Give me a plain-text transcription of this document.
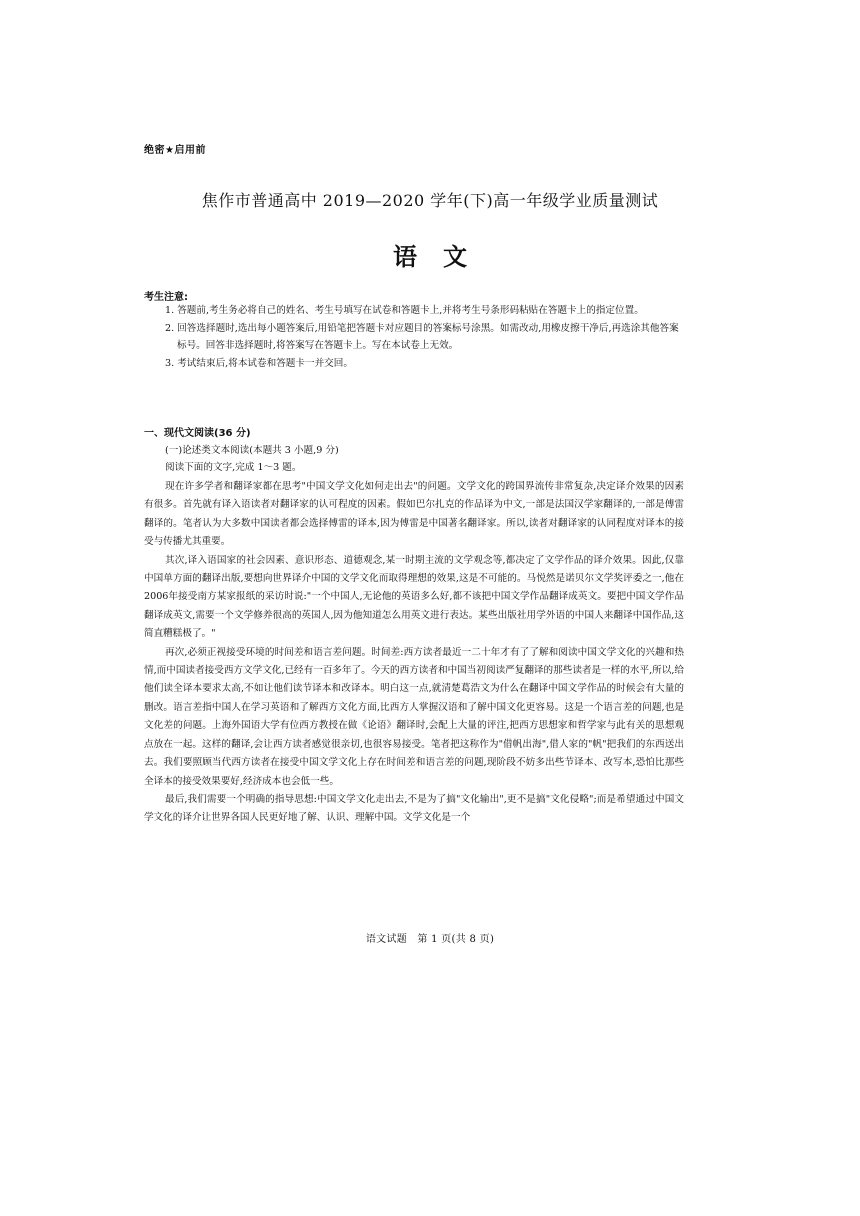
绝密★启用前
焦作市普通高中 2019—2020 学年(下)高一年级学业质量测试
语文
考生注意:
1. 答题前,考生务必将自己的姓名、考生号填写在试卷和答题卡上,并将考生号条形码粘贴在答题卡上的指定位置。
2. 回答选择题时,选出每小题答案后,用铅笔把答题卡对应题目的答案标号涂黑。如需改动,用橡皮擦干净后,再选涂其他答案标号。回答非选择题时,将答案写在答题卡上。写在本试卷上无效。
3. 考试结束后,将本试卷和答题卡一并交回。
一、现代文阅读(36 分)
(一)论述类文本阅读(本题共 3 小题,9 分)
阅读下面的文字,完成 1～3 题。

现在许多学者和翻译家都在思考"中国文学文化如何走出去"的问题。文学文化的跨国界流传非常复杂,决定译介效果的因素有很多。首先就有译入语读者对翻译家的认可程度的因素。假如巴尔扎克的作品译为中文,一部是法国汉学家翻译的,一部是傅雷翻译的。笔者认为大多数中国读者都会选择傅雷的译本,因为傅雷是中国著名翻译家。所以,读者对翻译家的认同程度对译本的接受与传播尤其重要。

其次,译入语国家的社会因素、意识形态、道德观念,某一时期主流的文学观念等,都决定了文学作品的译介效果。因此,仅靠中国单方面的翻译出版,要想向世界译介中国的文学文化而取得理想的效果,这是不可能的。马悦然是诺贝尔文学奖评委之一,他在2006年接受南方某家报纸的采访时说:"一个中国人,无论他的英语多么好,都不该把中国文学作品翻译成英文。要把中国文学作品翻译成英文,需要一个文学修养很高的英国人,因为他知道怎么用英文进行表达。某些出版社用学外语的中国人来翻译中国作品,这简直糟糕极了。"

再次,必须正视接受环境的时间差和语言差问题。时间差:西方读者最近一二十年才有了了解和阅读中国文学文化的兴趣和热情,而中国读者接受西方文学文化,已经有一百多年了。今天的西方读者和中国当初阅读严复翻译的那些读者是一样的水平,所以,给他们读全译本要求太高,不如让他们读节译本和改译本。明白这一点,就清楚葛浩文为什么在翻译中国文学作品的时候会有大量的删改。语言差指中国人在学习英语和了解西方文化方面,比西方人掌握汉语和了解中国文化更容易。这是一个语言差的问题,也是文化差的问题。上海外国语大学有位西方教授在做《论语》翻译时,会配上大量的评注,把西方思想家和哲学家与此有关的思想观点放在一起。这样的翻译,会让西方读者感觉很亲切,也很容易接受。笔者把这称作为"借帆出海",借人家的"帆"把我们的东西送出去。我们要照顾当代西方读者在接受中国文学文化上存在时间差和语言差的问题,现阶段不妨多出些节译本、改写本,恐怕比那些全译本的接受效果要好,经济成本也会低一些。

最后,我们需要一个明确的指导思想:中国文学文化走出去,不是为了搞"文化输出",更不是搞"文化侵略";而是希望通过中国文学文化的译介让世界各国人民更好地了解、认识、理解中国。文学文化是一个

语文试题　第 1 页(共 8 页)
